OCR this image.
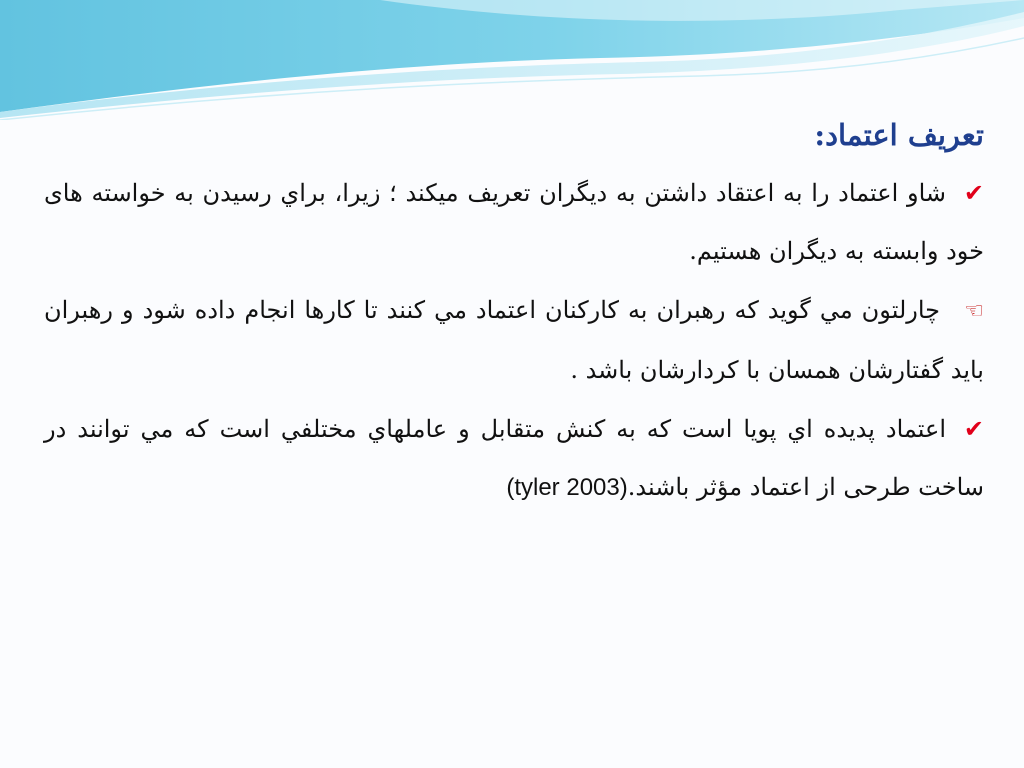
تعریف اعتماد:
✔شاو اعتماد را به اعتقاد داشتن به ديگران تعريف ميكند ؛ زيرا، براي رسيدن به خواسته های خود وابسته به ديگران هستيم.
☜چارلتون مي گويد كه رهبران به كاركنان اعتماد مي كنند تا كارها انجام داده شود و رهبران بايد گفتارشان همسان با كردارشان باشد .
✔اعتماد پديده اي پويا است كه به كنش متقابل و عاملهاي مختلفي است كه مي توانند در ساخت طرحی از اعتماد مؤثر باشند.(tyler 2003)
